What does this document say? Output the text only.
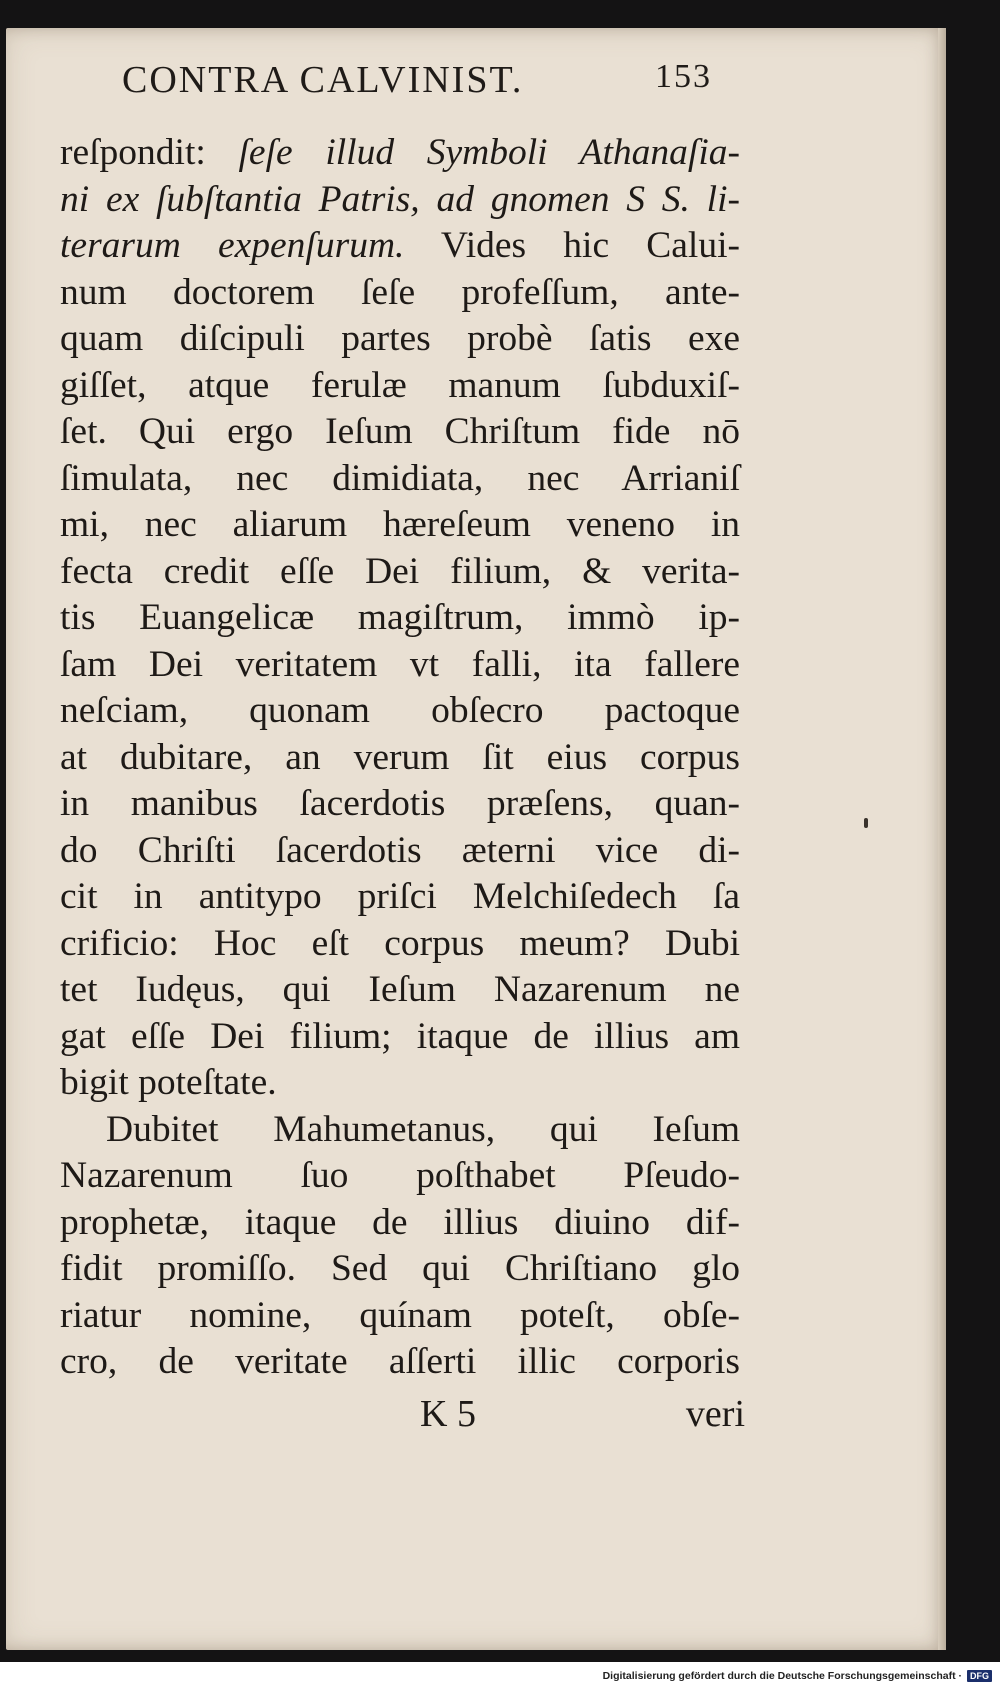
CONTRA CALVINIST.	153
reſpondit: ſeſe illud Symboli Athanaſia-
ni ex ſubſtantia Patris, ad gnomen S S. li-
terarum expenſurum. Vides hic Calui-
num doctorem ſeſe profeſſum, ante-
quam diſcipuli partes probè ſatis exe
giſſet, atque ferulæ manum ſubduxiſ-
ſet. Qui ergo Ieſum Chriſtum fide nō
ſimulata, nec dimidiata, nec Arrianiſ
mi, nec aliarum hæreſeum veneno in
fecta credit eſſe Dei filium, & verita-
tis Euangelicæ magiſtrum, immò ip-
ſam Dei veritatem vt falli, ita fallere
neſciam, quonam obſecro pactoque
at dubitare, an verum ſit eius corpus
in manibus ſacerdotis præſens, quan-
do Chriſti ſacerdotis æterni vice di-
cit in antitypo priſci Melchiſedech ſa
crificio: Hoc eſt corpus meum? Dubi
tet Iudęus, qui Ieſum Nazarenum ne
gat eſſe Dei filium; itaque de illius am
bigit poteſtate.
Dubitet Mahumetanus, qui Ieſum
Nazarenum ſuo poſthabet Pſeudo-
prophetæ, itaque de illius diuino dif-
fidit promiſſo. Sed qui Chriſtiano glo
riatur nomine, quínam poteſt, obſe-
cro, de veritate aſſerti illic corporis
K 5	veri
Digitalisierung gefördert durch die Deutsche Forschungsgemeinschaft · DFG
